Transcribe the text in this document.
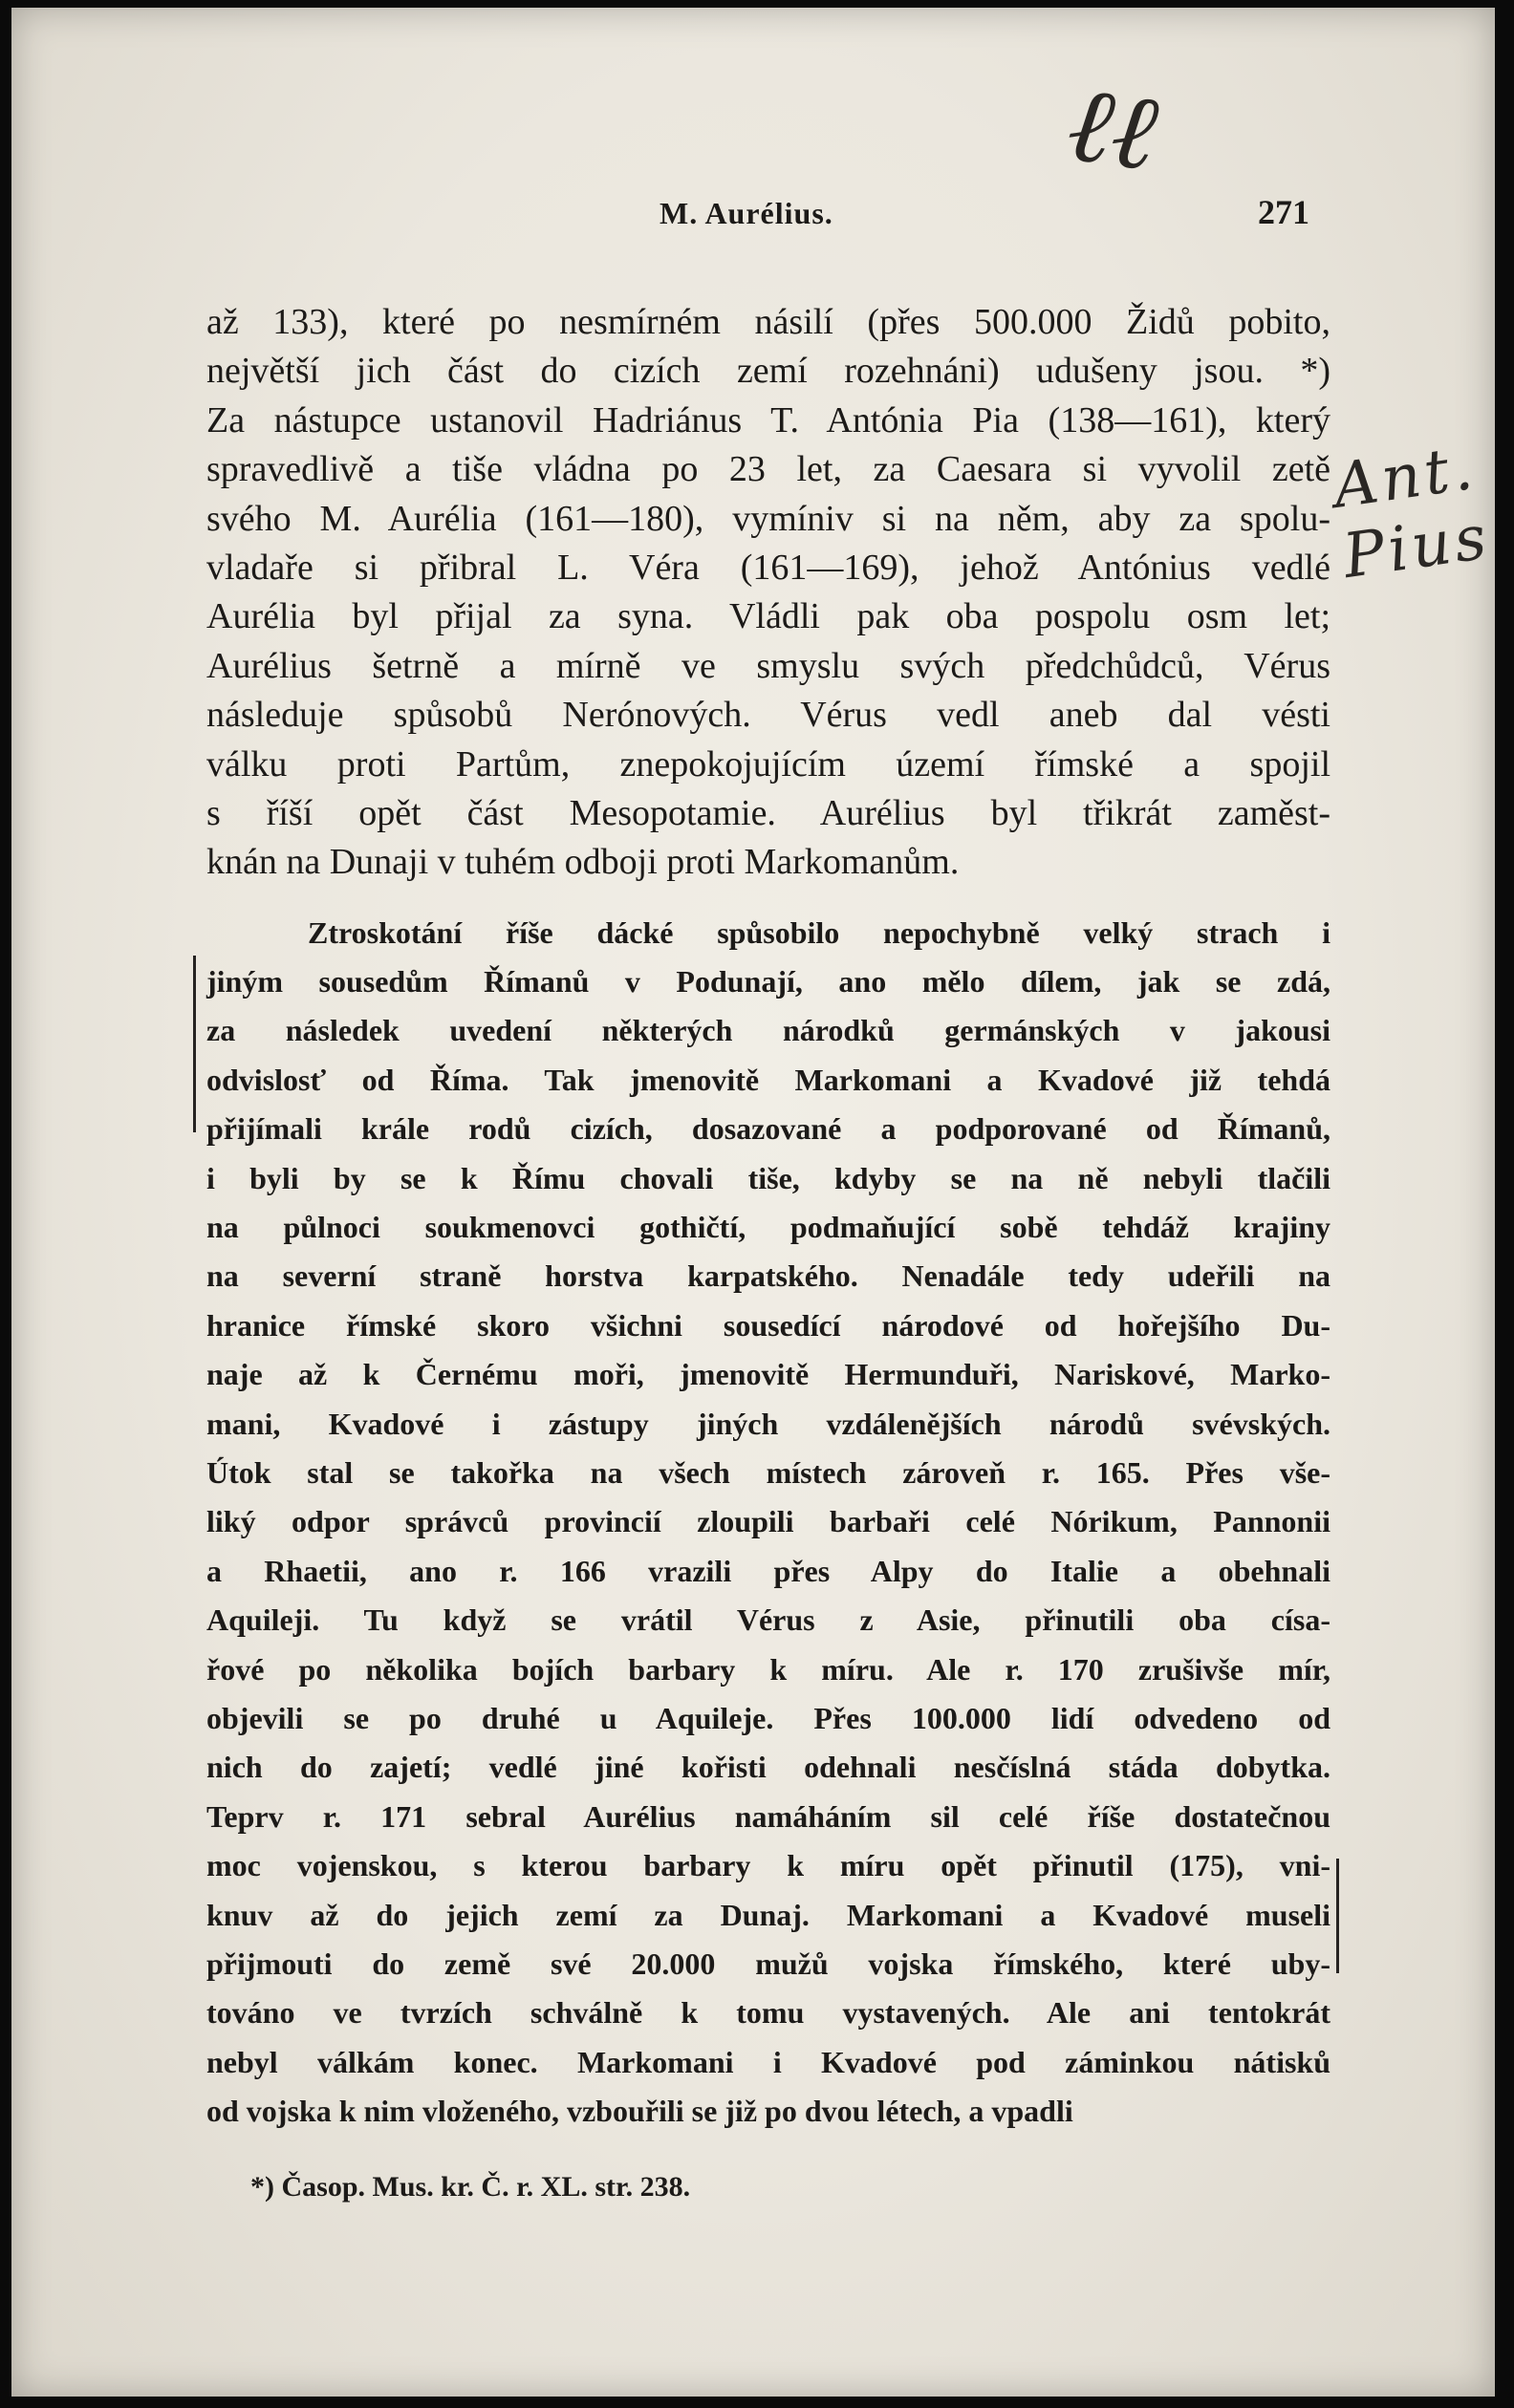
ℓℓ
Ant. Pius
M. Aurélius.	271
až 133), které po nesmírném násilí (přes 500.000 Židů pobito,
největší jich část do cizích zemí rozehnáni) udušeny jsou. *)
Za nástupce ustanovil Hadriánus T. Antónia Pia (138—161), který
spravedlivě a tiše vládna po 23 let, za Caesara si vyvolil zetě
svého M. Aurélia (161—180), vymíniv si na něm, aby za spolu-
vladaře si přibral L. Véra (161—169), jehož Antónius vedlé
Aurélia byl přijal za syna. Vládli pak oba pospolu osm let;
Aurélius šetrně a mírně ve smyslu svých předchůdců, Vérus
následuje spůsobů Nerónových. Vérus vedl aneb dal vésti
válku proti Partům, znepokojujícím území římské a spojil
s říší opět část Mesopotamie. Aurélius byl třikrát zaměst-
knán na Dunaji v tuhém odboji proti Markomanům.
Ztroskotání říše dácké spůsobilo nepochybně velký strach i
jiným sousedům Římanů v Podunají, ano mělo dílem, jak se zdá,
za následek uvedení některých národků germánských v jakousi
odvislosť od Říma. Tak jmenovitě Markomani a Kvadové již tehdá
přijímali krále rodů cizích, dosazované a podporované od Římanů,
i byli by se k Římu chovali tiše, kdyby se na ně nebyli tlačili
na půlnoci soukmenovci gothičtí, podmaňující sobě tehdáž krajiny
na severní straně horstva karpatského. Nenadále tedy udeřili na
hranice římské skoro všichni sousedící národové od hořejšího Du-
naje až k Černému moři, jmenovitě Hermunduři, Nariskové, Marko-
mani, Kvadové i zástupy jiných vzdálenějších národů svévských.
Útok stal se takořka na všech místech zároveň r. 165. Přes vše-
liký odpor správců provincií zloupili barbaři celé Nórikum, Pannonii
a Rhaetii, ano r. 166 vrazili přes Alpy do Italie a obehnali
Aquileji. Tu když se vrátil Vérus z Asie, přinutili oba císa-
řové po několika bojích barbary k míru. Ale r. 170 zrušivše mír,
objevili se po druhé u Aquileje. Přes 100.000 lidí odvedeno od
nich do zajetí; vedlé jiné kořisti odehnali nesčíslná stáda dobytka.
Teprv r. 171 sebral Aurélius namáháním sil celé říše dostatečnou
moc vojenskou, s kterou barbary k míru opět přinutil (175), vni-
knuv až do jejich zemí za Dunaj. Markomani a Kvadové museli
přijmouti do země své 20.000 mužů vojska římského, které uby-
továno ve tvrzích schválně k tomu vystavených. Ale ani tentokrát
nebyl válkám konec. Markomani i Kvadové pod záminkou nátisků
od vojska k nim vloženého, vzbouřili se již po dvou létech, a vpadli
*) Časop. Mus. kr. Č. r. XL. str. 238.
